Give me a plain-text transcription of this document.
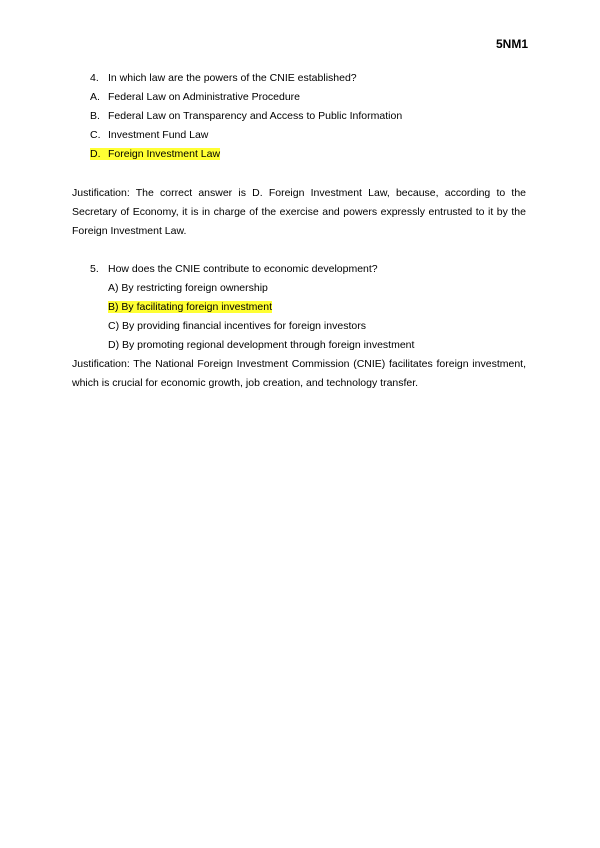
5NM1
4. In which law are the powers of the CNIE established?
A. Federal Law on Administrative Procedure
B. Federal Law on Transparency and Access to Public Information
C. Investment Fund Law
D. Foreign Investment Law
Justification: The correct answer is D. Foreign Investment Law, because, according to the Secretary of Economy, it is in charge of the exercise and powers expressly entrusted to it by the Foreign Investment Law.
5. How does the CNIE contribute to economic development?
A) By restricting foreign ownership
B) By facilitating foreign investment
C) By providing financial incentives for foreign investors
D) By promoting regional development through foreign investment
Justification: The National Foreign Investment Commission (CNIE) facilitates foreign investment, which is crucial for economic growth, job creation, and technology transfer.
